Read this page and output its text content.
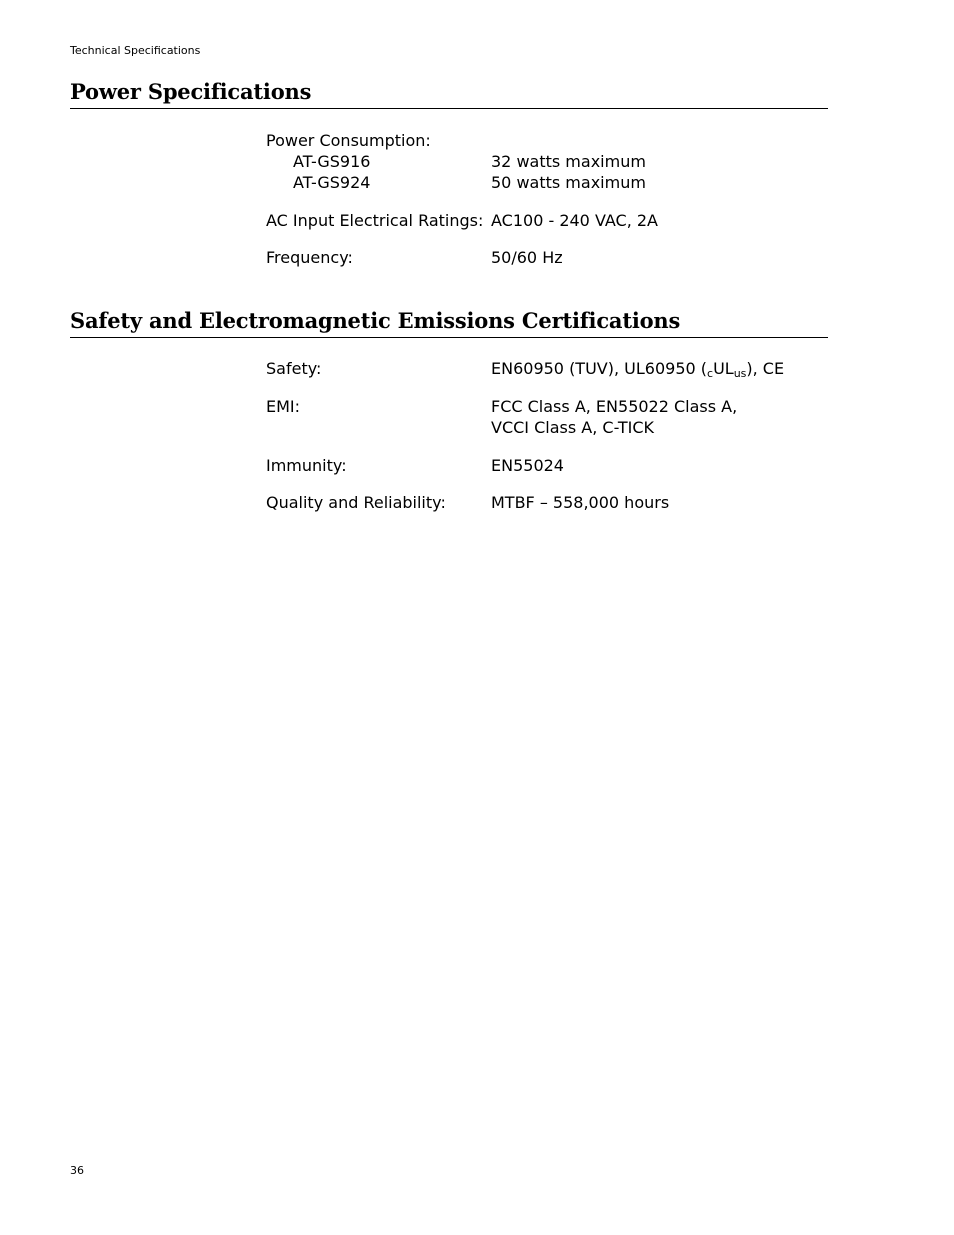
Technical Specifications
Power Specifications
Power Consumption:
AT-GS916	32 watts maximum
AT-GS924	50 watts maximum
AC Input Electrical Ratings: AC100 - 240 VAC, 2A
Frequency:	50/60 Hz
Safety and Electromagnetic Emissions Certifications
Safety:	EN60950 (TUV), UL60950 $(_cUL_{us})$, CE
EMI:	FCC Class A, EN55022 Class A,
VCCI Class A, C-TICK
Immunity:	EN55024
Quality and Reliability:	MTBF – 558,000 hours
36
